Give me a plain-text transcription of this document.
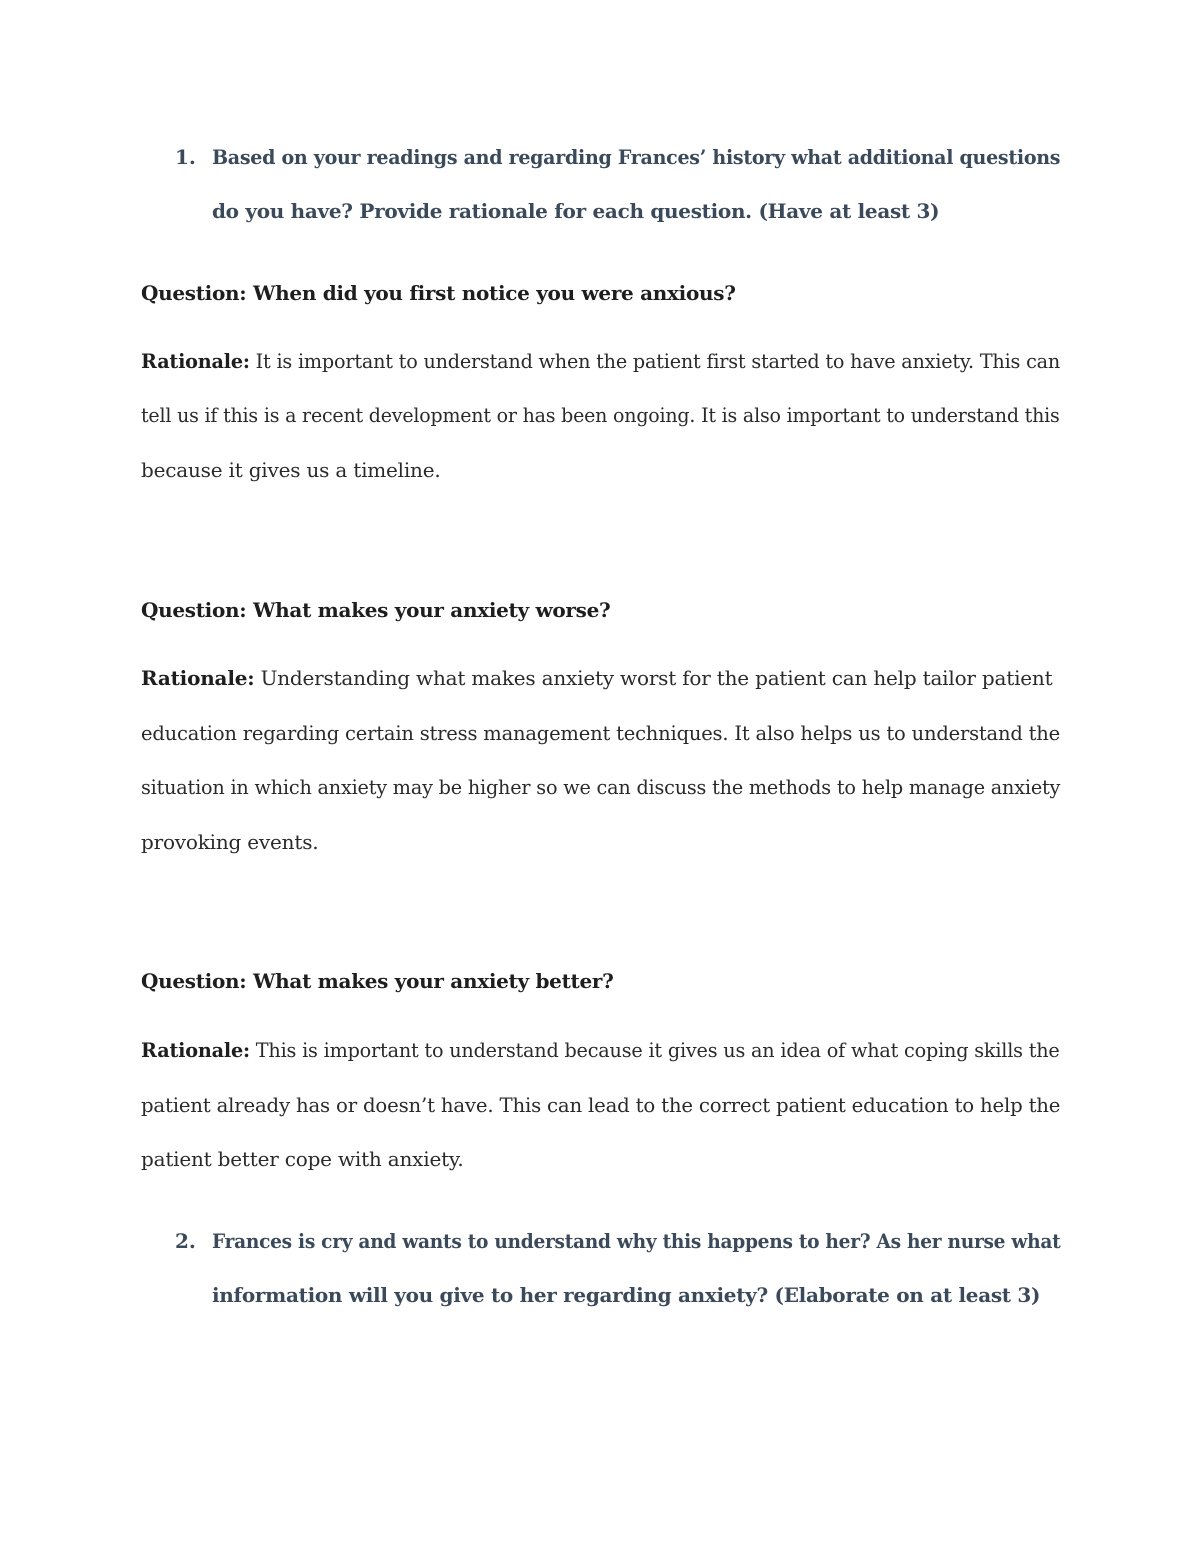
1. Based on your readings and regarding Frances’ history what additional questions
do you have? Provide rationale for each question. (Have at least 3)
Question: When did you first notice you were anxious?
Rationale: It is important to understand when the patient first started to have anxiety. This can
tell us if this is a recent development or has been ongoing. It is also important to understand this
because it gives us a timeline.
Question: What makes your anxiety worse?
Rationale: Understanding what makes anxiety worst for the patient can help tailor patient
education regarding certain stress management techniques. It also helps us to understand the
situation in which anxiety may be higher so we can discuss the methods to help manage anxiety
provoking events.
Question: What makes your anxiety better?
Rationale: This is important to understand because it gives us an idea of what coping skills the
patient already has or doesn’t have. This can lead to the correct patient education to help the
patient better cope with anxiety.
2. Frances is cry and wants to understand why this happens to her? As her nurse what
information will you give to her regarding anxiety? (Elaborate on at least 3)
